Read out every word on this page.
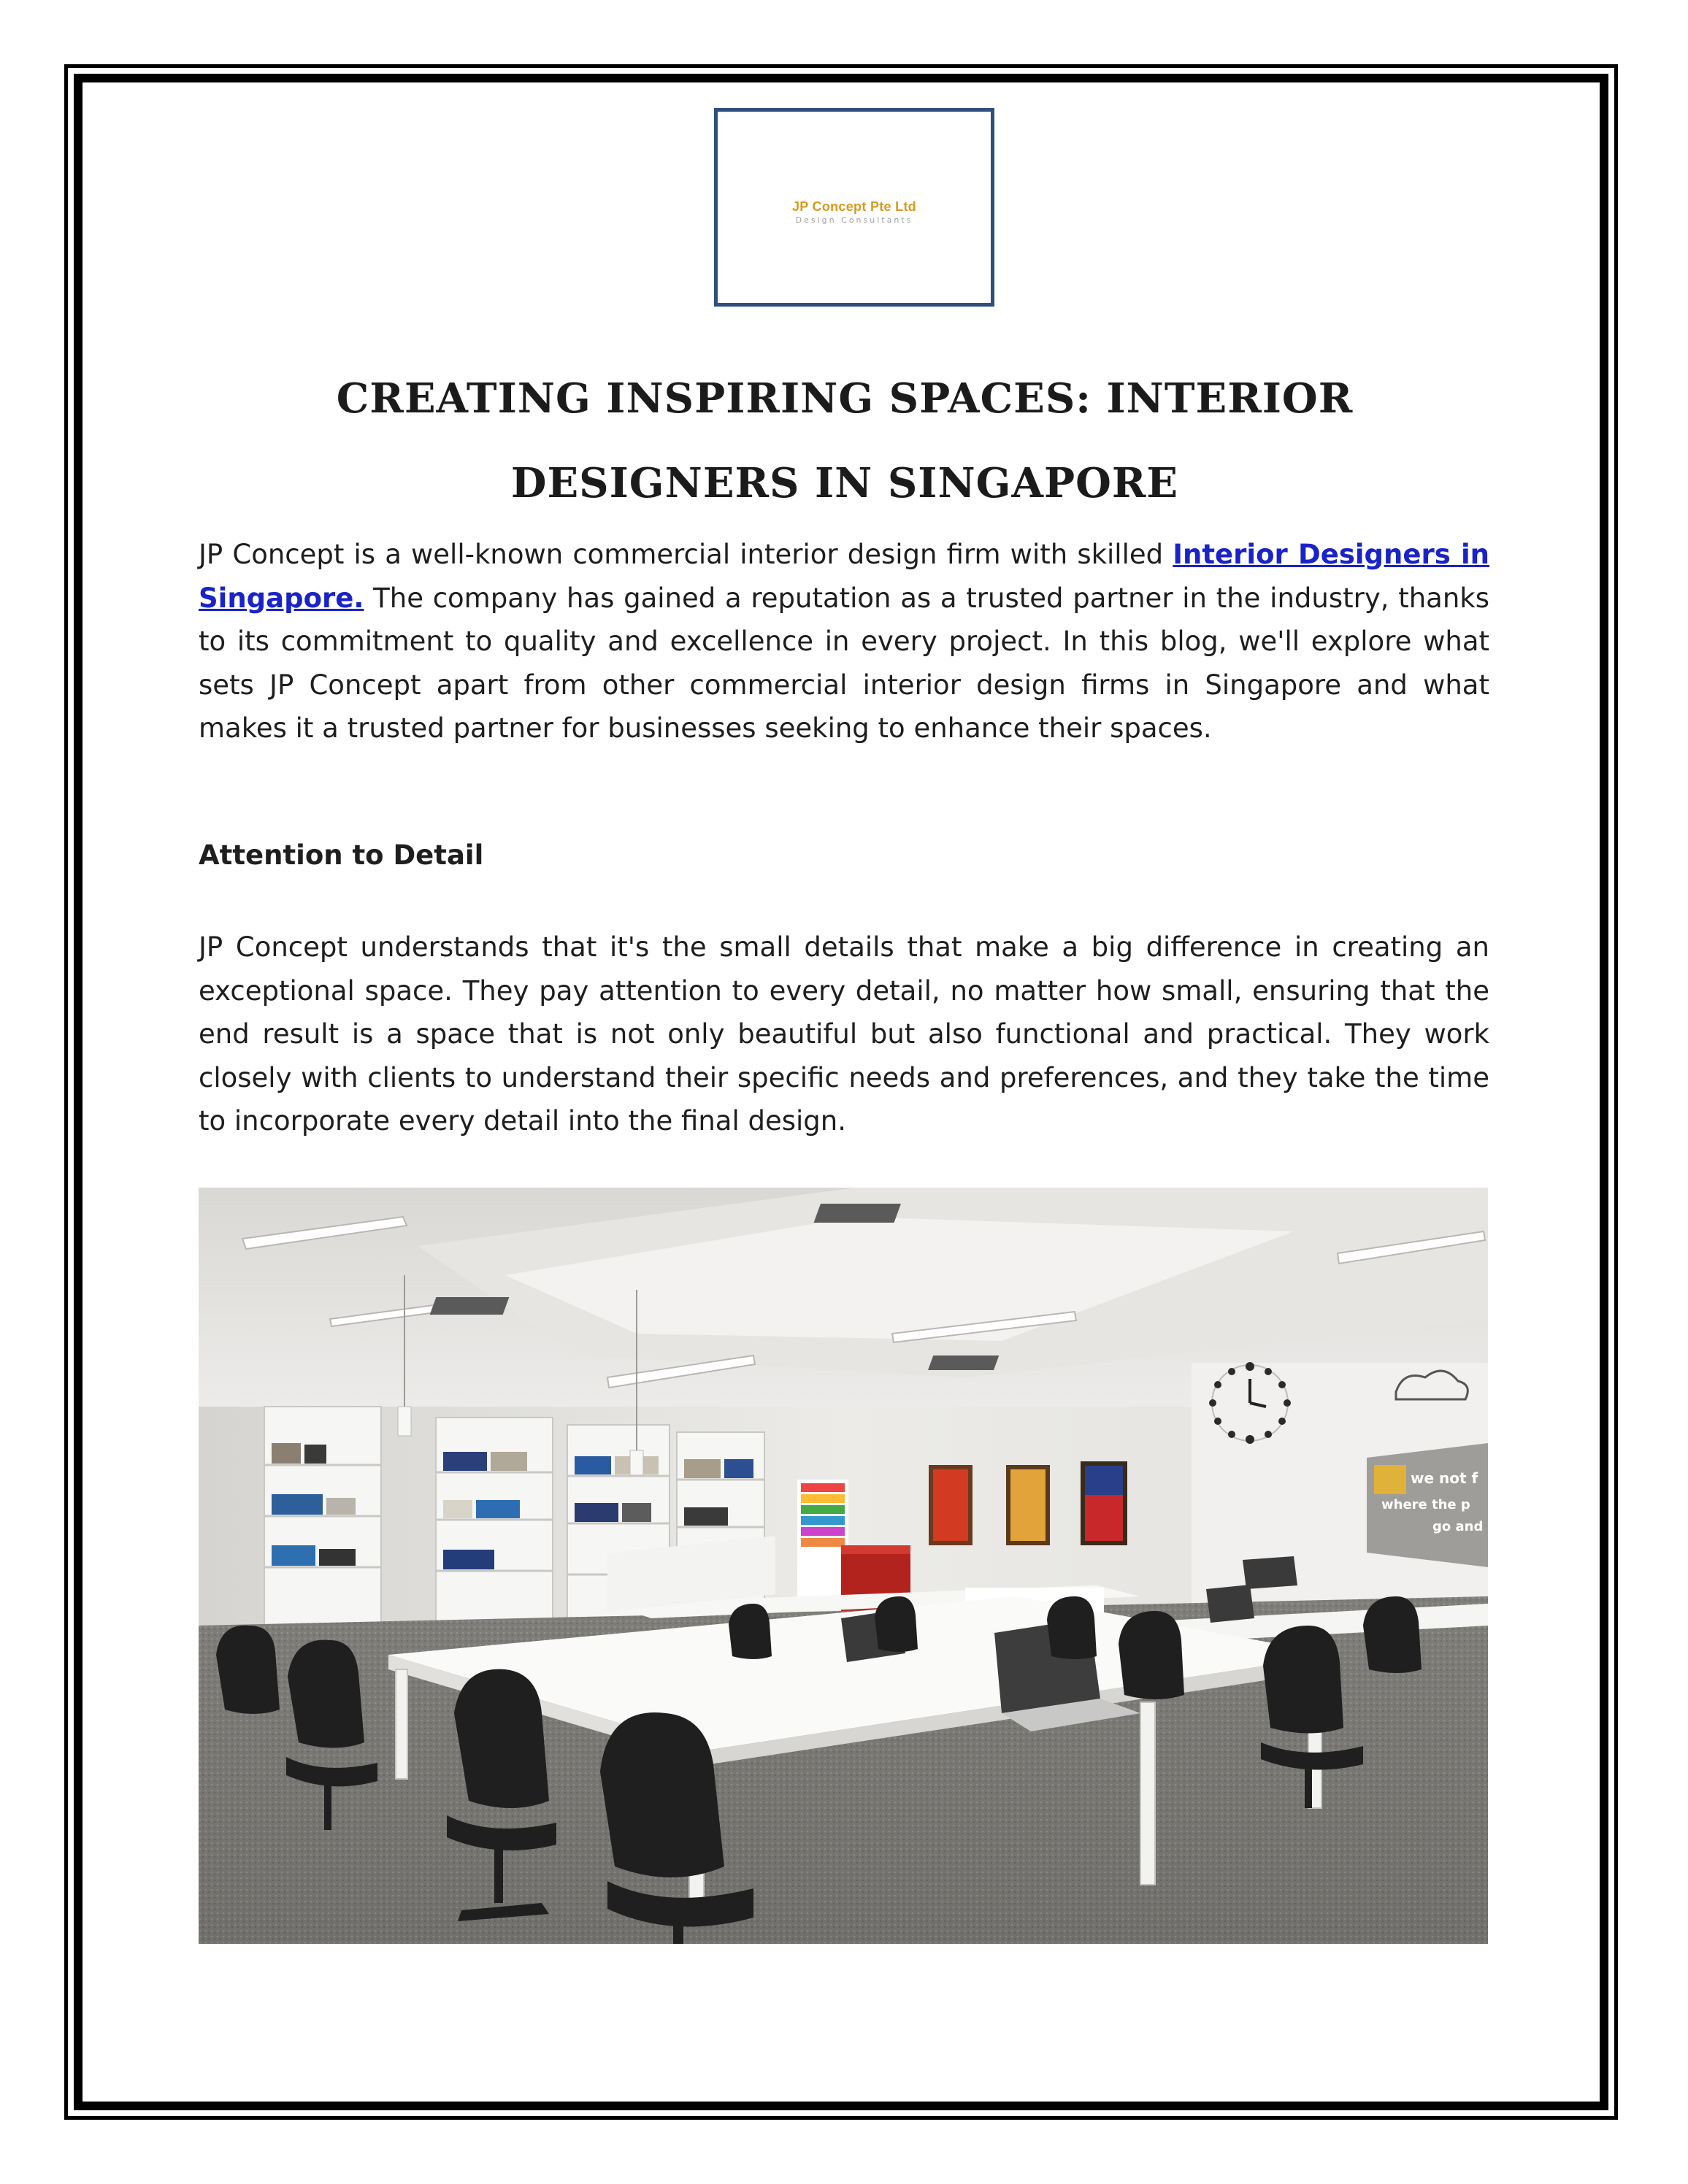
JP Concept Pte Ltd
Design Consultants
CREATING INSPIRING SPACES: INTERIOR DESIGNERS IN SINGAPORE

JP Concept is a well-known commercial interior design firm with skilled Interior Designers in Singapore. The company has gained a reputation as a trusted partner in the industry, thanks to its commitment to quality and excellence in every project. In this blog, we'll explore what sets JP Concept apart from other commercial interior design firms in Singapore and what makes it a trusted partner for businesses seeking to enhance their spaces.

Attention to Detail

JP Concept understands that it's the small details that make a big difference in creating an exceptional space. They pay attention to every detail, no matter how small, ensuring that the end result is a space that is not only beautiful but also functional and practical. They work closely with clients to understand their specific needs and preferences, and they take the time to incorporate every detail into the final design.

we not f
where the p
go and
